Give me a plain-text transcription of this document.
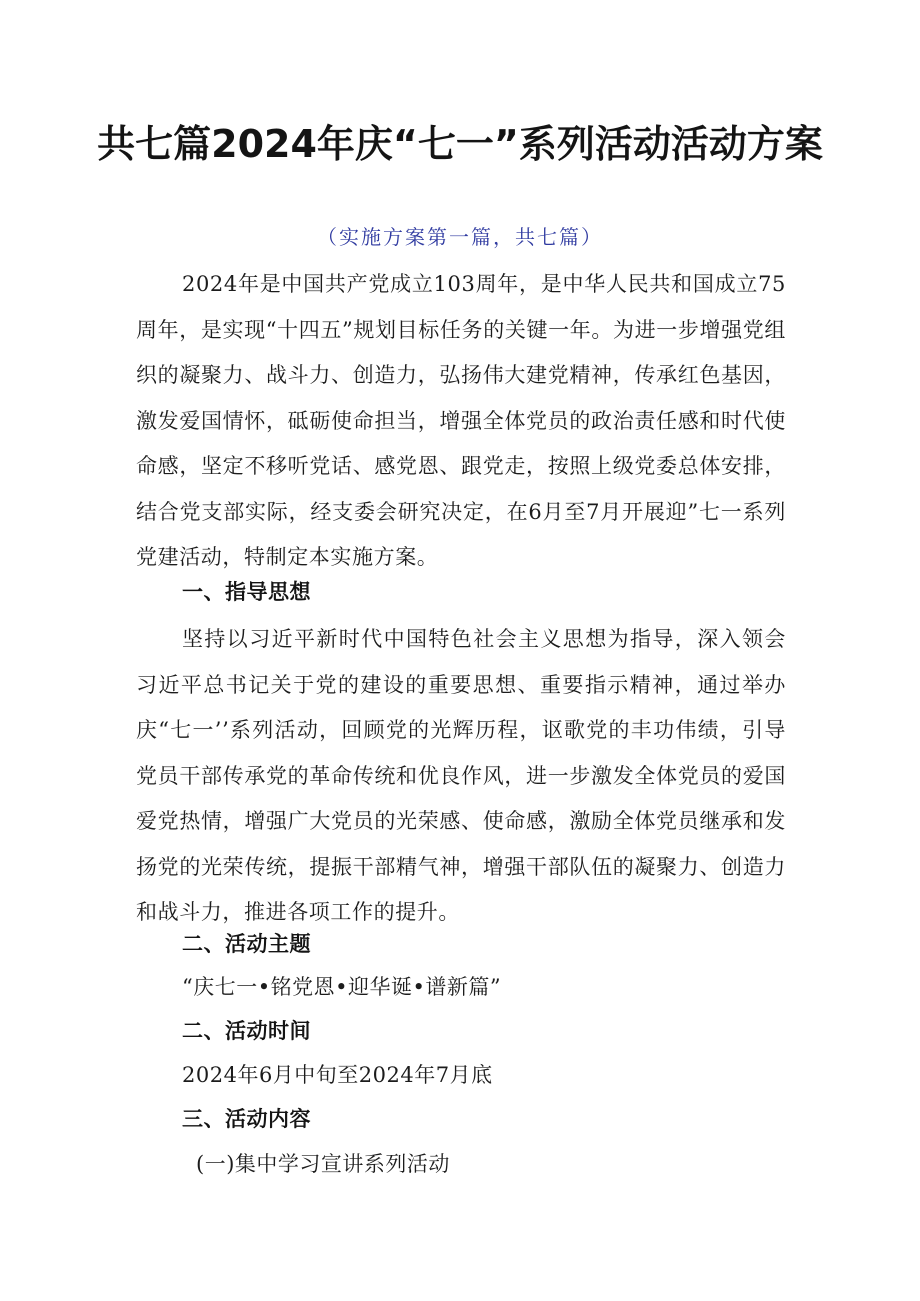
共七篇2024年庆“七一”系列活动活动方案

（实施方案第一篇，共七篇）

2024年是中国共产党成立103周年，是中华人民共和国成立75周年，是实现“十四五”规划目标任务的关键一年。为进一步增强党组织的凝聚力、战斗力、创造力，弘扬伟大建党精神，传承红色基因，激发爱国情怀，砥砺使命担当，增强全体党员的政治责任感和时代使命感，坚定不移听党话、感党恩、跟党走，按照上级党委总体安排，结合党支部实际，经支委会研究决定，在6月至7月开展迎”七一系列党建活动，特制定本实施方案。

一、指导思想

坚持以习近平新时代中国特色社会主义思想为指导，深入领会习近平总书记关于党的建设的重要思想、重要指示精神，通过举办庆“七一’’系列活动，回顾党的光辉历程，讴歌党的丰功伟绩，引导党员干部传承党的革命传统和优良作风，进一步激发全体党员的爱国爱党热情，增强广大党员的光荣感、使命感，激励全体党员继承和发扬党的光荣传统，提振干部精气神，增强干部队伍的凝聚力、创造力和战斗力，推进各项工作的提升。

二、活动主题

“庆七一•铭党恩•迎华诞•谱新篇”

二、活动时间

2024年6月中旬至2024年7月底

三、活动内容

(一)集中学习宣讲系列活动
